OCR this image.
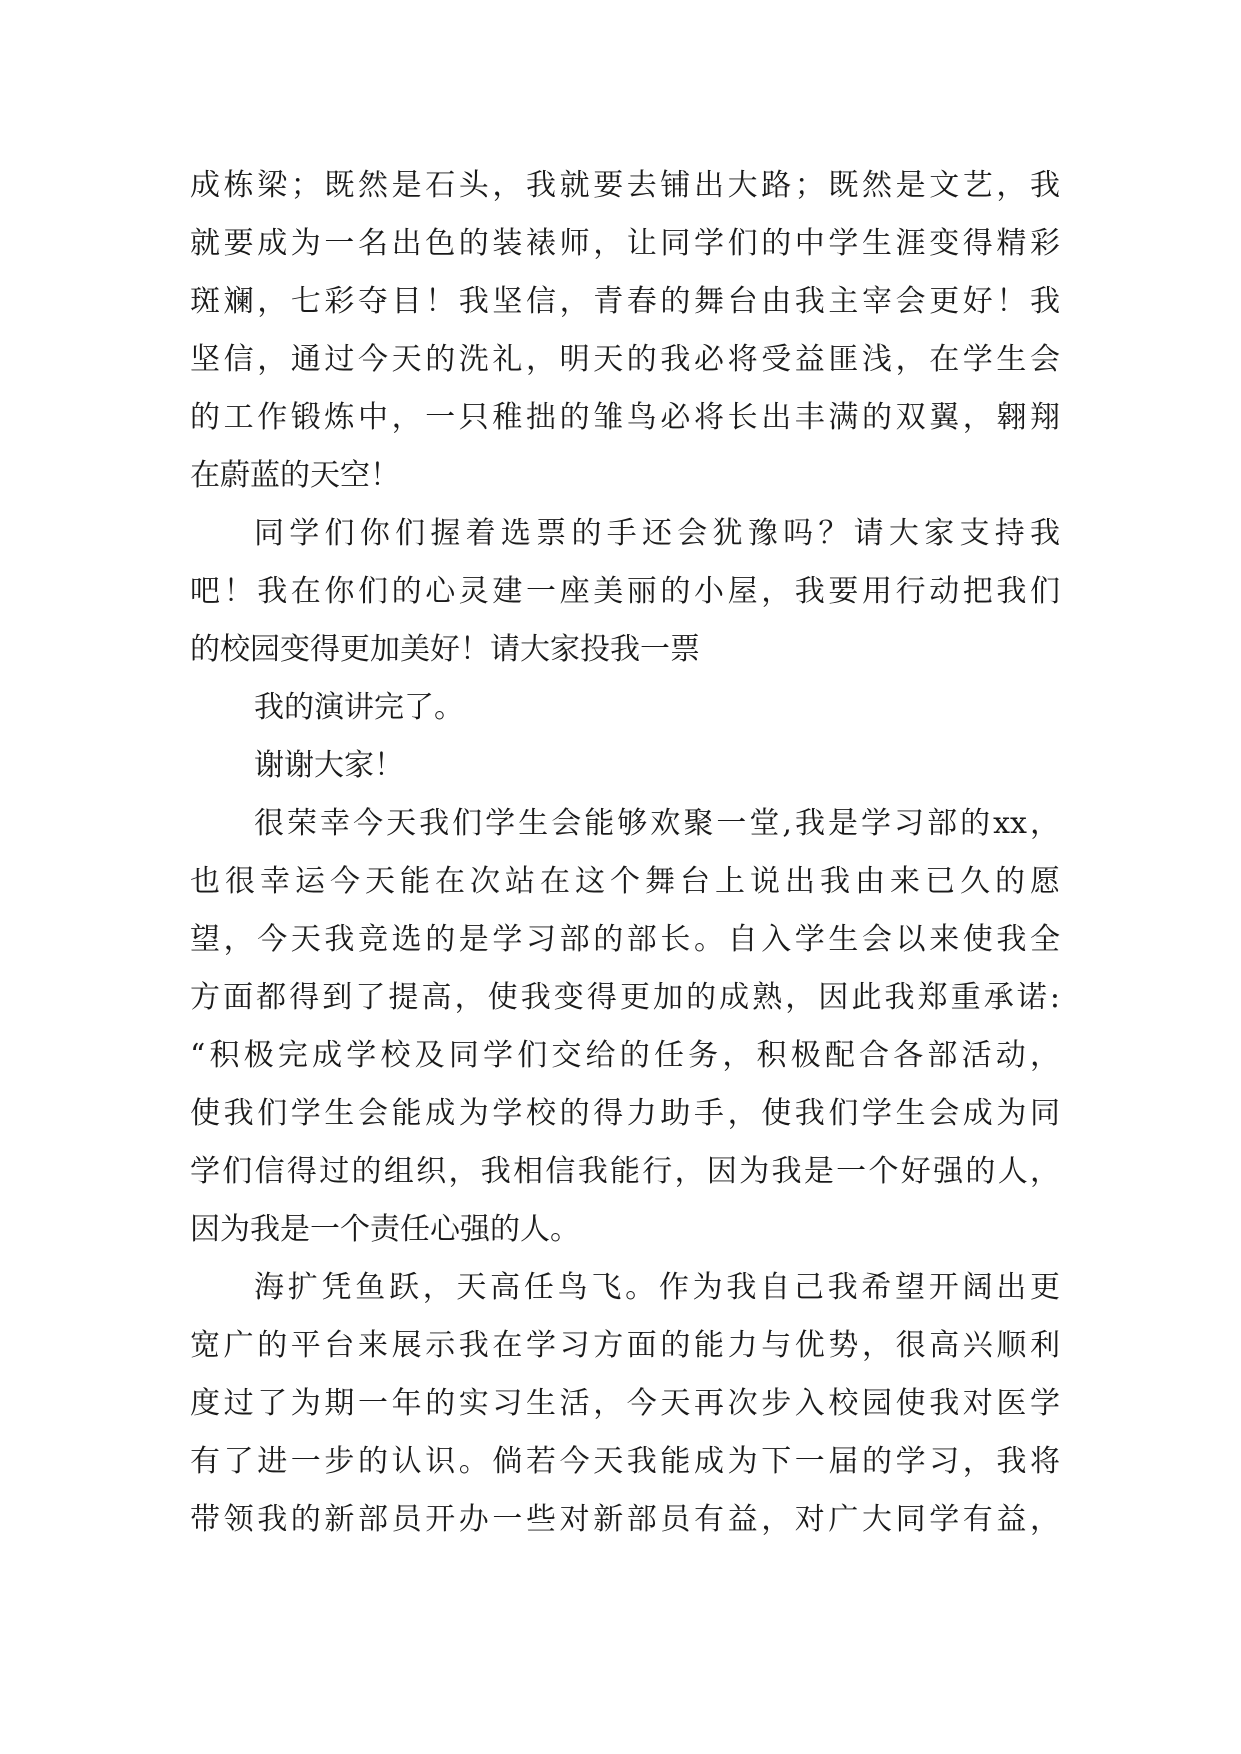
成栋梁；既然是石头，我就要去铺出大路；既然是文艺，我
就要成为一名出色的装裱师，让同学们的中学生涯变得精彩
斑斓，七彩夺目！我坚信，青春的舞台由我主宰会更好！我
坚信，通过今天的洗礼，明天的我必将受益匪浅，在学生会
的工作锻炼中，一只稚拙的雏鸟必将长出丰满的双翼，翱翔
在蔚蓝的天空！
同学们你们握着选票的手还会犹豫吗？请大家支持我
吧！我在你们的心灵建一座美丽的小屋，我要用行动把我们
的校园变得更加美好！请大家投我一票
我的演讲完了。
谢谢大家！
很荣幸今天我们学生会能够欢聚一堂,我是学习部的xx，
也很幸运今天能在次站在这个舞台上说出我由来已久的愿
望，今天我竞选的是学习部的部长。自入学生会以来使我全
方面都得到了提高，使我变得更加的成熟，因此我郑重承诺:
“积极完成学校及同学们交给的任务，积极配合各部活动，
使我们学生会能成为学校的得力助手，使我们学生会成为同
学们信得过的组织，我相信我能行，因为我是一个好强的人，
因为我是一个责任心强的人。
海扩凭鱼跃，天高任鸟飞。作为我自己我希望开阔出更
宽广的平台来展示我在学习方面的能力与优势，很高兴顺利
度过了为期一年的实习生活，今天再次步入校园使我对医学
有了进一步的认识。倘若今天我能成为下一届的学习，我将
带领我的新部员开办一些对新部员有益，对广大同学有益，
